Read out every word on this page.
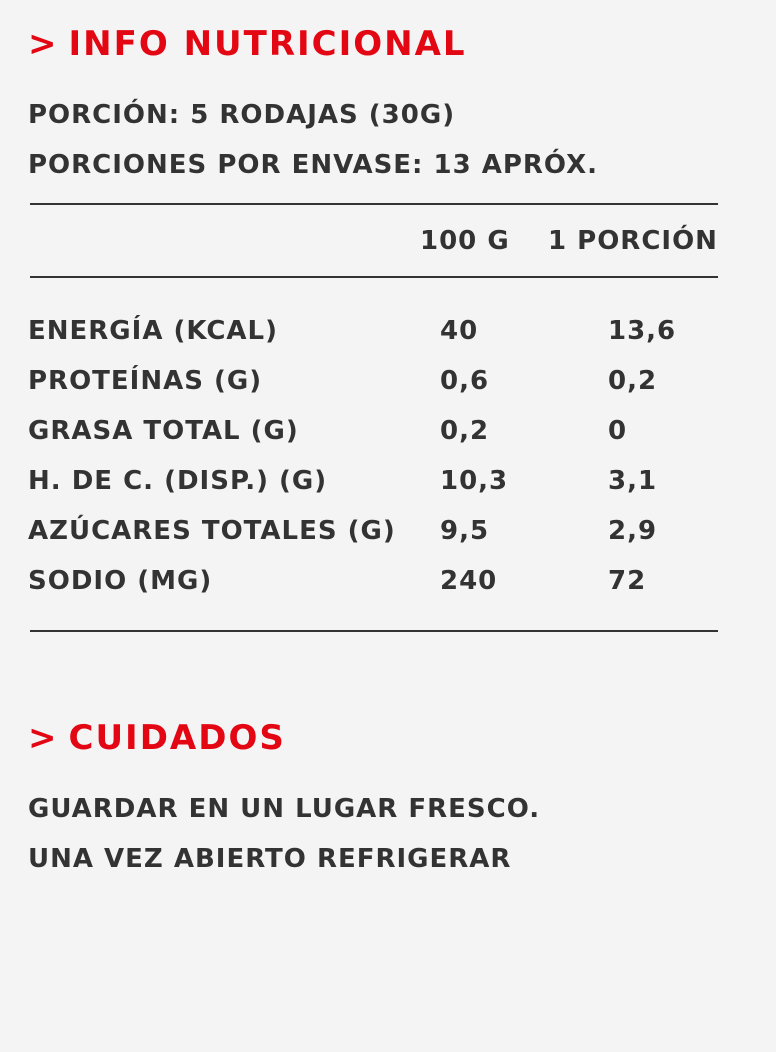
> INFO NUTRICIONAL
PORCIÓN: 5 RODAJAS (30G)
PORCIONES POR ENVASE: 13 APRÓX.
100 G 1 PORCIÓN
ENERGÍA (KCAL)	40	13,6
PROTEÍNAS (G)	0,6	0,2
GRASA TOTAL (G)	0,2	0
H. DE C. (DISP.) (G)	10,3	3,1
AZÚCARES TOTALES (G) 9,5	2,9
SODIO (MG)	240	72
> CUIDADOS
GUARDAR EN UN LUGAR FRESCO.
UNA VEZ ABIERTO REFRIGERAR
